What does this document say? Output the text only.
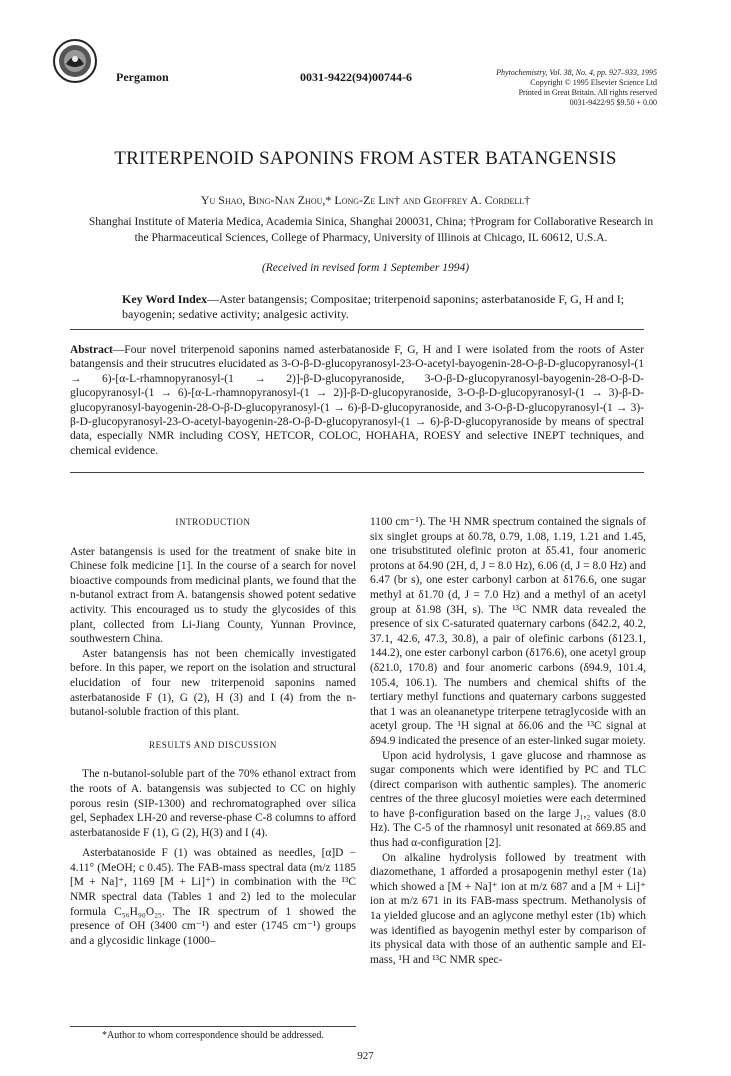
Pergamon	0031-9422(94)00744-6	Phytochemistry, Vol. 38, No. 4, pp. 927–933, 1995
Copyright © 1995 Elsevier Science Ltd
Printed in Great Britain. All rights reserved
0031-9422/95 $9.50 + 0.00
TRITERPENOID SAPONINS FROM ASTER BATANGENSIS
Yu Shao, Bing-Nan Zhou,* Long-Ze Lin† and Geoffrey A. Cordell†
Shanghai Institute of Materia Medica, Academia Sinica, Shanghai 200031, China; †Program for Collaborative Research in the Pharmaceutical Sciences, College of Pharmacy, University of Illinois at Chicago, IL 60612, U.S.A.
(Received in revised form 1 September 1994)
Key Word Index—Aster batangensis; Compositae; triterpenoid saponins; asterbatanoside F, G, H and I; bayogenin; sedative activity; analgesic activity.
Abstract—Four novel triterpenoid saponins named asterbatanoside F, G, H and I were isolated from the roots of Aster batangensis and their strucutres elucidated as 3-O-β-D-glucopyranosyl-23-O-acetyl-bayogenin-28-O-β-D-glucopyranosyl-(1 → 6)-[α-L-rhamnopyranosyl-(1 → 2)]-β-D-glucopyranoside, 3-O-β-D-glucopyranosyl-bayogenin-28-O-β-D-glucopyranosyl-(1 → 6)-[α-L-rhamnopyranosyl-(1 → 2)]-β-D-glucopyranoside, 3-O-β-D-glucopyranosyl-(1 → 3)-β-D-glucopyranosyl-bayogenin-28-O-β-D-glucopyranosyl-(1 → 6)-β-D-glucopyranoside, and 3-O-β-D-glucopyranosyl-(1 → 3)-β-D-glucopyranosyl-23-O-acetyl-bayogenin-28-O-β-D-glucopyranosyl-(1 → 6)-β-D-glucopyranoside by means of spectral data, especially NMR including COSY, HETCOR, COLOC, HOHAHA, ROESY and selective INEPT techniques, and chemical evidence.
INTRODUCTION

Aster batangensis is used for the treatment of snake bite in Chinese folk medicine [1]. In the course of a search for novel bioactive compounds from medicinal plants, we found that the n-butanol extract from A. batangensis showed potent sedative activity. This encouraged us to study the glycosides of this plant, collected from Li-Jiang County, Yunnan Province, southwestern China.

Aster batangensis has not been chemically investigated before. In this paper, we report on the isolation and structural elucidation of four new triterpenoid saponins named asterbatanoside F (1), G (2), H (3) and I (4) from the n-butanol-soluble fraction of this plant.

RESULTS AND DISCUSSION

The n-butanol-soluble part of the 70% ethanol extract from the roots of A. batangensis was subjected to CC on highly porous resin (SIP-1300) and rechromatographed over silica gel, Sephadex LH-20 and reverse-phase C-8 columns to afford asterbatanoside F (1), G (2), H(3) and I (4).

Asterbatanoside F (1) was obtained as needles, [α]D − 4.11° (MeOH; c 0.45). The FAB-mass spectral data (m/z 1185 [M + Na]⁺, 1169 [M + Li]⁺) in combination with the ¹³C NMR spectral data (Tables 1 and 2) led to the molecular formula C₅₆H₉₀O₂₅. The IR spectrum of 1 showed the presence of OH (3400 cm⁻¹) and ester (1745 cm⁻¹) groups and a glycosidic linkage (1000–

1100 cm⁻¹). The ¹H NMR spectrum contained the signals of six singlet groups at δ0.78, 0.79, 1.08, 1.19, 1.21 and 1.45, one trisubstituted olefinic proton at δ5.41, four anomeric protons at δ4.90 (2H, d, J = 8.0 Hz), 6.06 (d, J = 8.0 Hz) and 6.47 (br s), one ester carbonyl carbon at δ176.6, one sugar methyl at δ1.70 (d, J = 7.0 Hz) and a methyl of an acetyl group at δ1.98 (3H, s). The ¹³C NMR data revealed the presence of six C-saturated quaternary carbons (δ42.2, 40.2, 37.1, 42.6, 47.3, 30.8), a pair of olefinic carbons (δ123.1, 144.2), one ester carbonyl carbon (δ176.6), one acetyl group (δ21.0, 170.8) and four anomeric carbons (δ94.9, 101.4, 105.4, 106.1). The numbers and chemical shifts of the tertiary methyl functions and quaternary carbons suggested that 1 was an oleananetype triterpene tetraglycoside with an acetyl group. The ¹H signal at δ6.06 and the ¹³C signal at δ94.9 indicated the presence of an ester-linked sugar moiety.

Upon acid hydrolysis, 1 gave glucose and rhamnose as sugar components which were identified by PC and TLC (direct comparison with authentic samples). The anomeric centres of the three glucosyl moieties were each determined to have β-configuration based on the large J₁,₂ values (8.0 Hz). The C-5 of the rhamnosyl unit resonated at δ69.85 and thus had α-configuration [2].

On alkaline hydrolysis followed by treatment with diazomethane, 1 afforded a prosapogenin methyl ester (1a) which showed a [M + Na]⁺ ion at m/z 687 and a [M + Li]⁺ ion at m/z 671 in its FAB-mass spectrum. Methanolysis of 1a yielded glucose and an aglycone methyl ester (1b) which was identified as bayogenin methyl ester by comparison of its physical data with those of an authentic sample and EI-mass, ¹H and ¹³C NMR spec-

*Author to whom correspondence should be addressed.
927
